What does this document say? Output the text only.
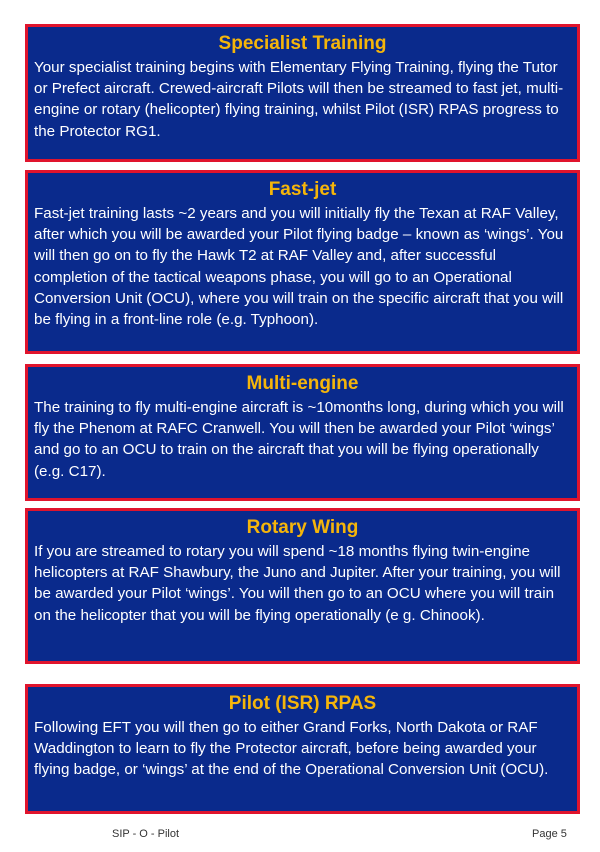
Specialist Training

Your specialist training begins with Elementary Flying Training, flying the Tutor or Prefect aircraft. Crewed-aircraft Pilots will then be streamed to fast jet, multi-engine or rotary (helicopter) flying training, whilst Pilot (ISR) RPAS progress to the Protector RG1.

Fast-jet

Fast-jet training lasts ~2 years and you will initially fly the Texan at RAF Valley, after which you will be awarded your Pilot flying badge – known as ‘wings’. You will then go on to fly the Hawk T2 at RAF Valley and, after successful completion of the tactical weapons phase, you will go to an Operational Conversion Unit (OCU), where you will train on the specific aircraft that you will be flying in a front-line role (e.g. Typhoon).

Multi-engine

The training to fly multi-engine aircraft is ~10months long, during which you will fly the Phenom at RAFC Cranwell. You will then be awarded your Pilot ‘wings’ and go to an OCU to train on the aircraft that you will be flying operationally (e.g. C17).

Rotary Wing

If you are streamed to rotary you will spend ~18 months flying twin-engine helicopters at RAF Shawbury, the Juno and Jupiter. After your training, you will be awarded your Pilot ‘wings’. You will then go to an OCU where you will train on the helicopter that you will be flying operationally (e g. Chinook).

Pilot (ISR) RPAS

Following EFT you will then go to either Grand Forks, North Dakota or RAF Waddington to learn to fly the Protector aircraft, before being awarded your flying badge, or ‘wings’ at the end of the Operational Conversion Unit (OCU).

SIP - O - Pilot	Page 5
